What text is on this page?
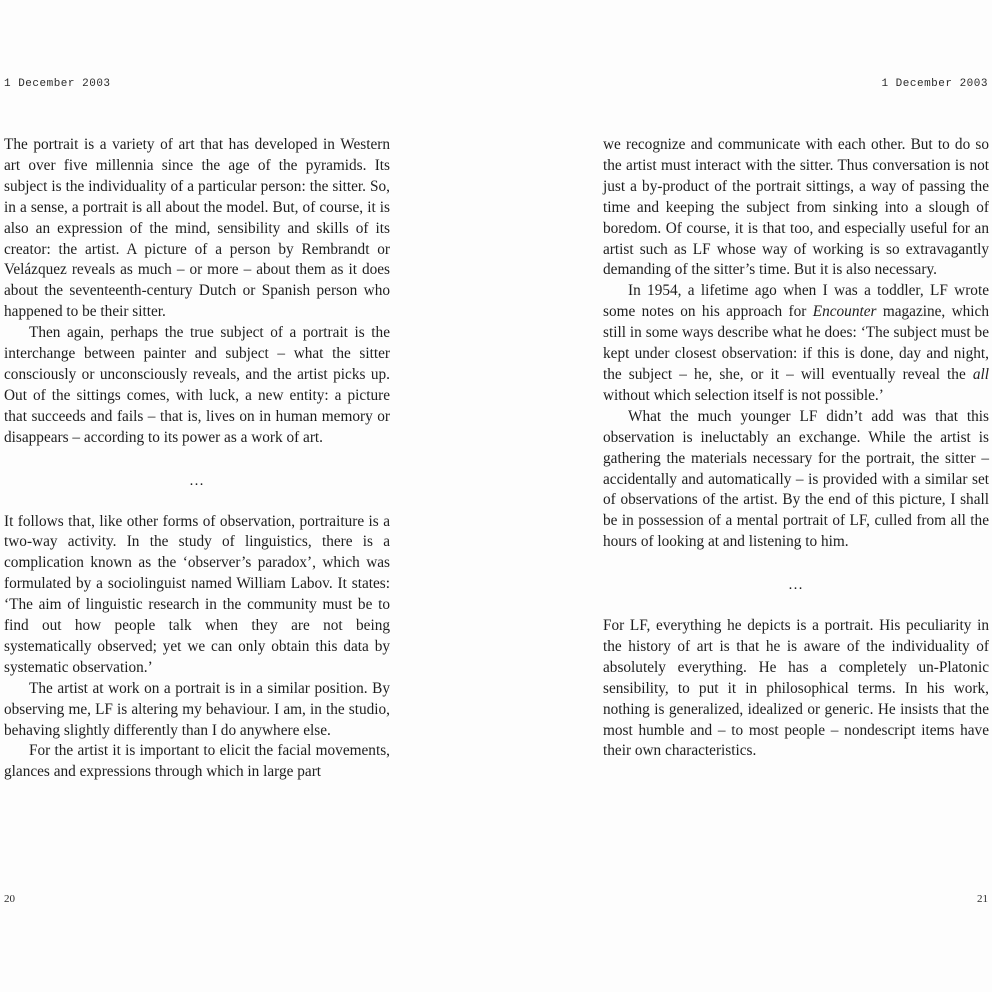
1 December 2003

The portrait is a variety of art that has developed in Western art over five millennia since the age of the pyramids. Its subject is the individuality of a particular person: the sitter. So, in a sense, a portrait is all about the model. But, of course, it is also an expression of the mind, sensibility and skills of its creator: the artist. A picture of a person by Rembrandt or Velázquez reveals as much – or more – about them as it does about the seventeenth-century Dutch or Spanish person who happened to be their sitter.

Then again, perhaps the true subject of a portrait is the interchange between painter and subject – what the sitter consciously or unconsciously reveals, and the artist picks up. Out of the sittings comes, with luck, a new entity: a picture that succeeds and fails – that is, lives on in human memory or disappears – according to its power as a work of art.

…

It follows that, like other forms of observation, portraiture is a two-way activity. In the study of linguistics, there is a complication known as the ‘observer’s paradox’, which was formulated by a sociolinguist named William Labov. It states: ‘The aim of linguistic research in the community must be to find out how people talk when they are not being systematically observed; yet we can only obtain this data by systematic observation.’

The artist at work on a portrait is in a similar position. By observing me, LF is altering my behaviour. I am, in the studio, behaving slightly differently than I do anywhere else.

For the artist it is important to elicit the facial movements, glances and expressions through which in large part

20
1 December 2003

we recognize and communicate with each other. But to do so the artist must interact with the sitter. Thus conversation is not just a by-product of the portrait sittings, a way of passing the time and keeping the subject from sinking into a slough of boredom. Of course, it is that too, and especially useful for an artist such as LF whose way of working is so extravagantly demanding of the sitter’s time. But it is also necessary.

In 1954, a lifetime ago when I was a toddler, LF wrote some notes on his approach for Encounter magazine, which still in some ways describe what he does: ‘The subject must be kept under closest observation: if this is done, day and night, the subject – he, she, or it – will eventually reveal the all without which selection itself is not possible.’

What the much younger LF didn’t add was that this observation is ineluctably an exchange. While the artist is gathering the materials necessary for the portrait, the sitter – accidentally and automatically – is provided with a similar set of observations of the artist. By the end of this picture, I shall be in possession of a mental portrait of LF, culled from all the hours of looking at and listening to him.

…

For LF, everything he depicts is a portrait. His peculiarity in the history of art is that he is aware of the individuality of absolutely everything. He has a completely un-Platonic sensibility, to put it in philosophical terms. In his work, nothing is generalized, idealized or generic. He insists that the most humble and – to most people – nondescript items have their own characteristics.

21
